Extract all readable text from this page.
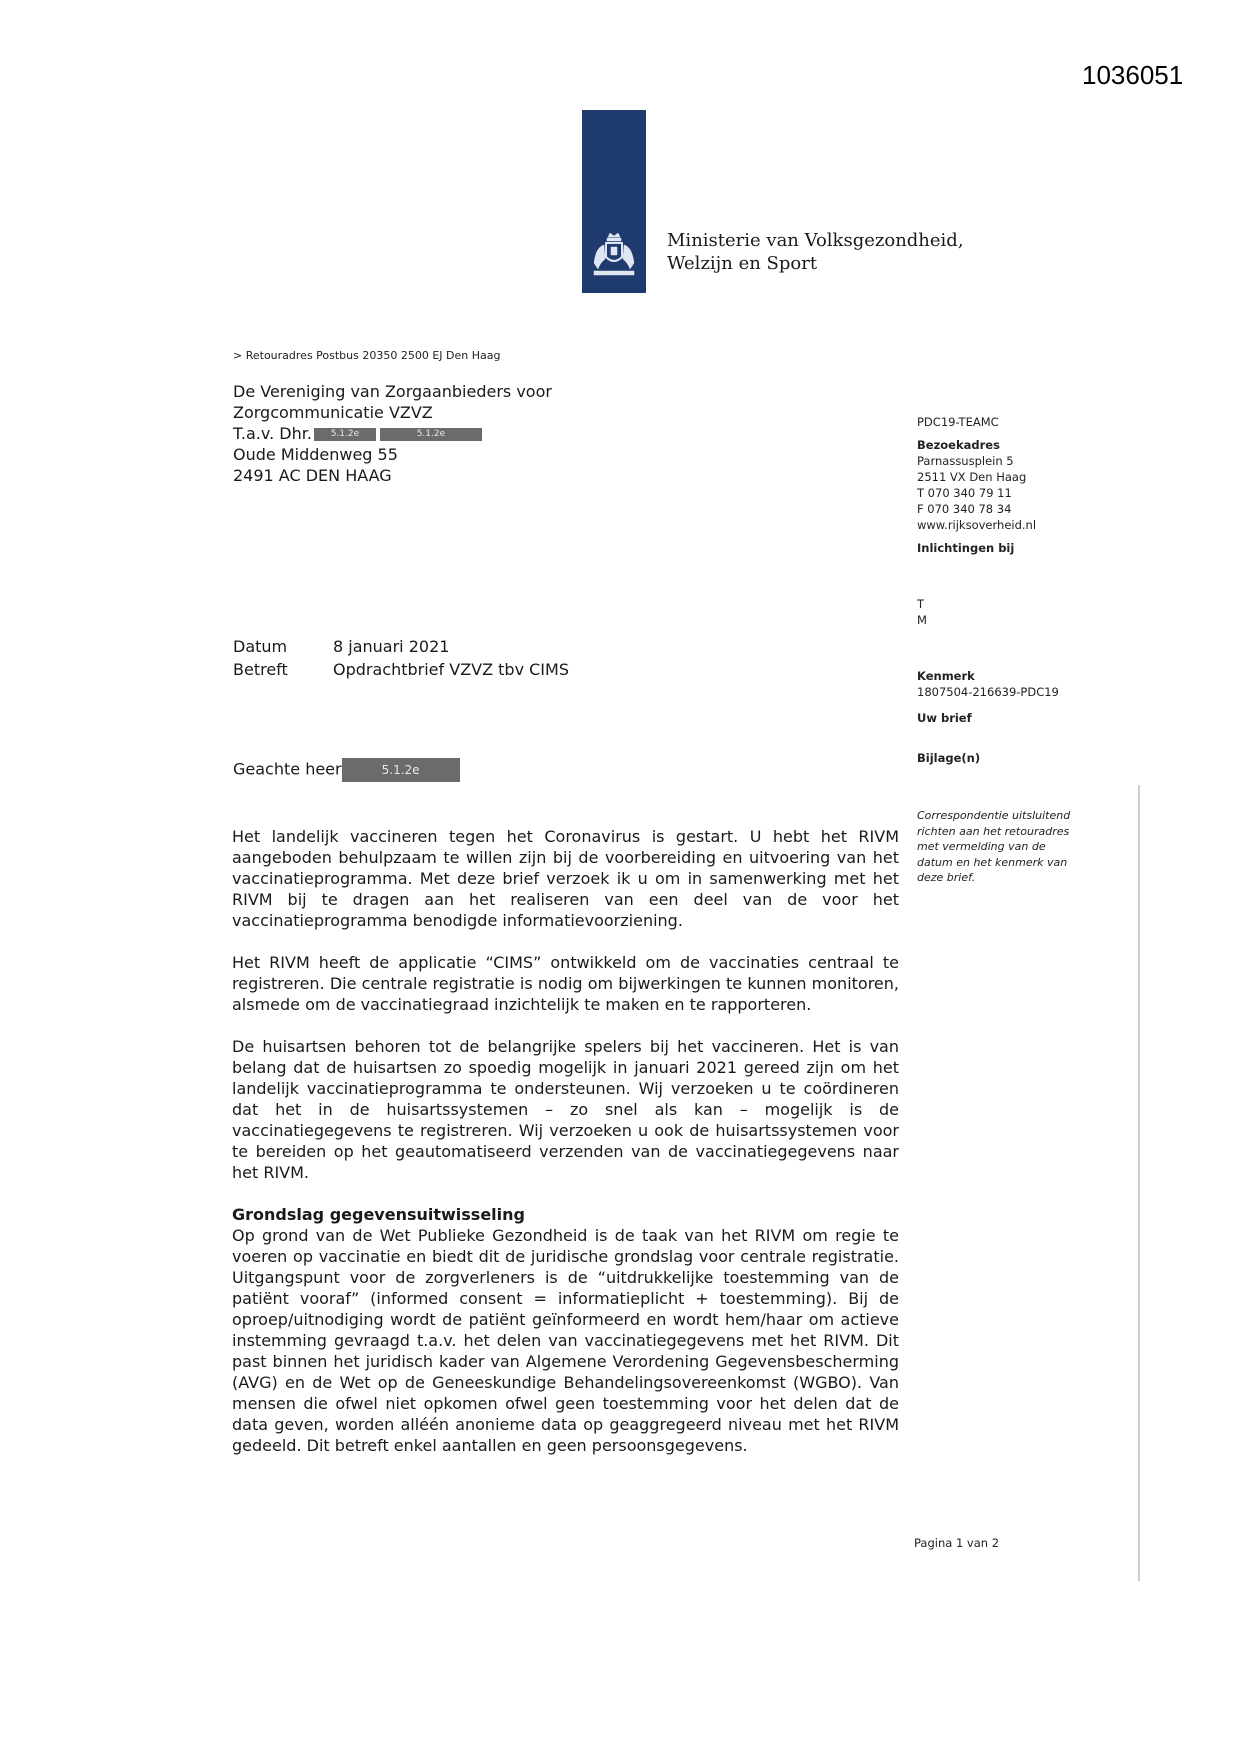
1036051
Ministerie van Volksgezondheid,
Welzijn en Sport
> Retouradres Postbus 20350 2500 EJ Den Haag
De Vereniging van Zorgaanbieders voor
Zorgcommunicatie VZVZ
T.a.v. Dhr. 5.1.2e	5.1.2e
Oude Middenweg 55
2491 AC DEN HAAG
PDC19-TEAMC
Bezoekadres
Parnassusplein 5
2511 VX Den Haag
T 070 340 79 11
F 070 340 78 34
www.rijksoverheid.nl
Inlichtingen bij
T
M
Kenmerk
1807504-216639-PDC19
Uw brief
Bijlage(n)
Correspondentie uitsluitend
richten aan het retouradres
met vermelding van de
datum en het kenmerk van
deze brief.
Datum	8 januari 2021
Betreft	Opdrachtbrief VZVZ tbv CIMS
Geachte heer	5.1.2e

Het landelijk vaccineren tegen het Coronavirus is gestart. U hebt het RIVM aangeboden behulpzaam te willen zijn bij de voorbereiding en uitvoering van het vaccinatieprogramma. Met deze brief verzoek ik u om in samenwerking met het RIVM bij te dragen aan het realiseren van een deel van de voor het vaccinatieprogramma benodigde informatievoorziening.

Het RIVM heeft de applicatie “CIMS” ontwikkeld om de vaccinaties centraal te registreren. Die centrale registratie is nodig om bijwerkingen te kunnen monitoren, alsmede om de vaccinatiegraad inzichtelijk te maken en te rapporteren.

De huisartsen behoren tot de belangrijke spelers bij het vaccineren. Het is van belang dat de huisartsen zo spoedig mogelijk in januari 2021 gereed zijn om het landelijk vaccinatieprogramma te ondersteunen. Wij verzoeken u te coördineren dat het in de huisartssystemen – zo snel als kan – mogelijk is de vaccinatiegegevens te registreren. Wij verzoeken u ook de huisartssystemen voor te bereiden op het geautomatiseerd verzenden van de vaccinatiegegevens naar het RIVM.

Grondslag gegevensuitwisseling

Op grond van de Wet Publieke Gezondheid is de taak van het RIVM om regie te voeren op vaccinatie en biedt dit de juridische grondslag voor centrale registratie. Uitgangspunt voor de zorgverleners is de “uitdrukkelijke toestemming van de patiënt vooraf” (informed consent = informatieplicht + toestemming). Bij de oproep/uitnodiging wordt de patiënt geïnformeerd en wordt hem/haar om actieve instemming gevraagd t.a.v. het delen van vaccinatiegegevens met het RIVM. Dit past binnen het juridisch kader van Algemene Verordening Gegevensbescherming (AVG) en de Wet op de Geneeskundige Behandelingsovereenkomst (WGBO). Van mensen die ofwel niet opkomen ofwel geen toestemming voor het delen dat de data geven, worden alléén anonieme data op geaggregeerd niveau met het RIVM gedeeld. Dit betreft enkel aantallen en geen persoonsgegevens.

Pagina 1 van 2
